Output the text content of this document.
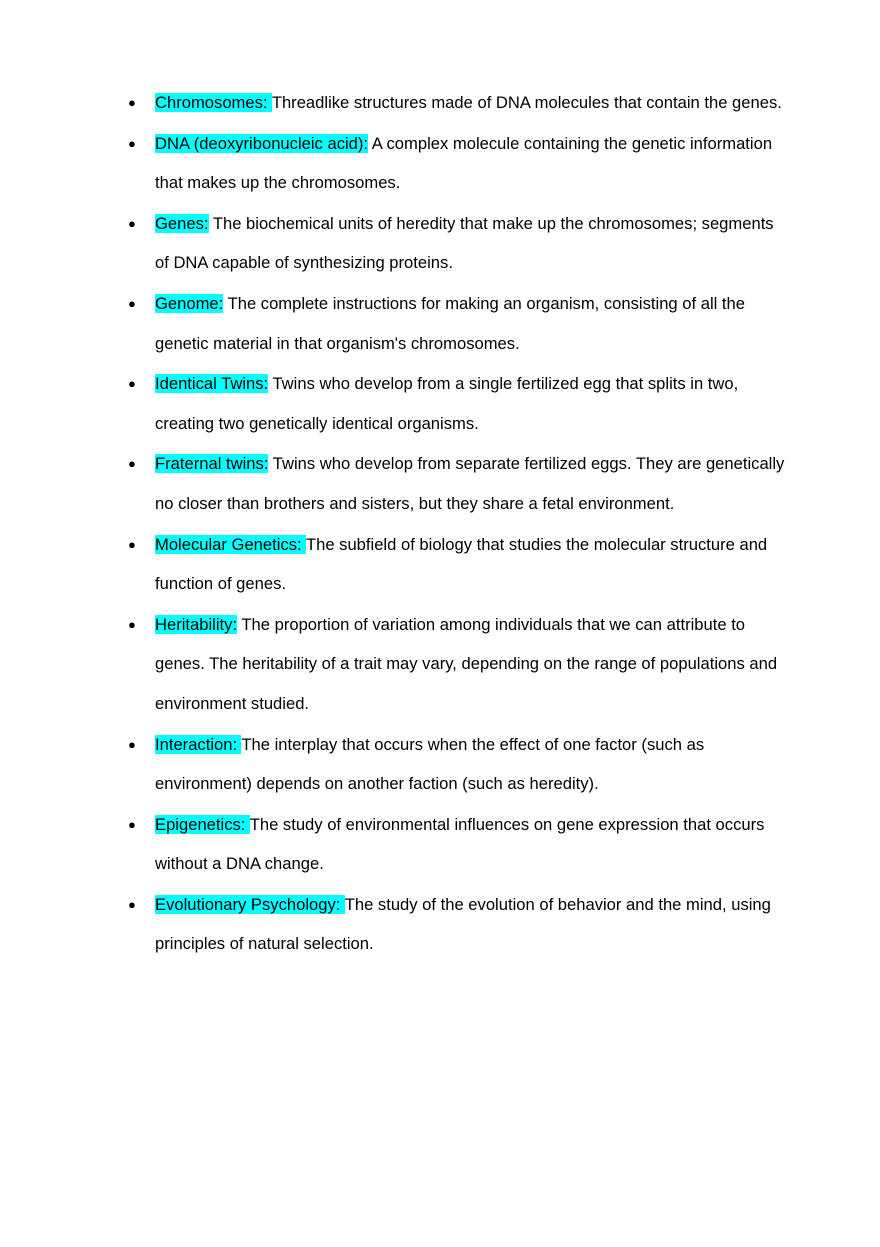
● Chromosomes: Threadlike structures made of DNA molecules that contain the genes.
● DNA (deoxyribonucleic acid): A complex molecule containing the genetic information that makes up the chromosomes.
● Genes: The biochemical units of heredity that make up the chromosomes; segments of DNA capable of synthesizing proteins.
● Genome: The complete instructions for making an organism, consisting of all the genetic material in that organism's chromosomes.
● Identical Twins: Twins who develop from a single fertilized egg that splits in two, creating two genetically identical organisms.
● Fraternal twins: Twins who develop from separate fertilized eggs. They are genetically no closer than brothers and sisters, but they share a fetal environment.
● Molecular Genetics: The subfield of biology that studies the molecular structure and function of genes.
● Heritability: The proportion of variation among individuals that we can attribute to genes. The heritability of a trait may vary, depending on the range of populations and environment studied.
● Interaction: The interplay that occurs when the effect of one factor (such as environment) depends on another faction (such as heredity).
● Epigenetics: The study of environmental influences on gene expression that occurs without a DNA change.
● Evolutionary Psychology: The study of the evolution of behavior and the mind, using principles of natural selection.
